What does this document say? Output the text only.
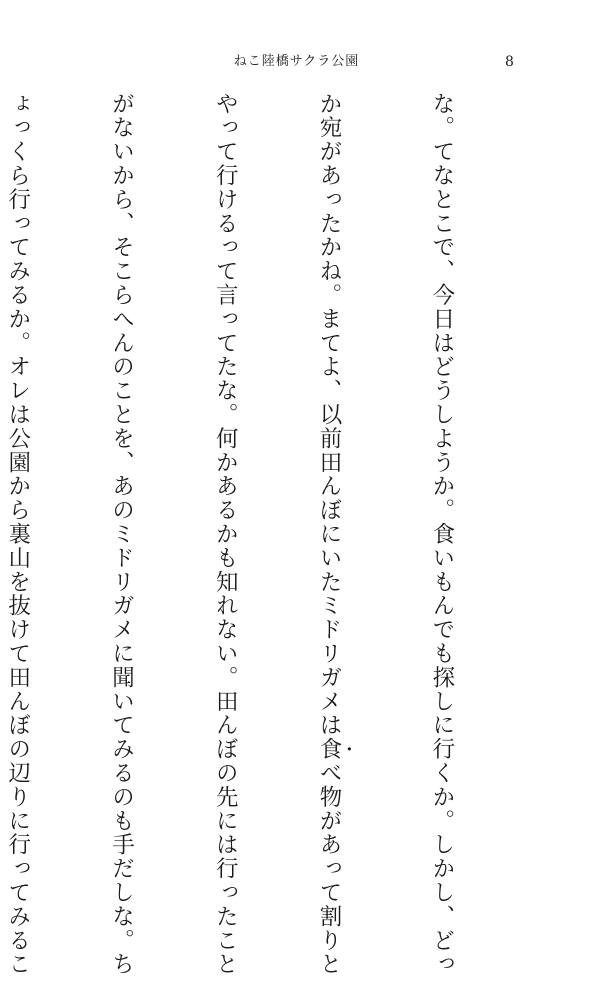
ねこ陸橋サクラ公園	8

な。てなとこで、今日はどうしようか。食いもんでも探しに行くか。しかし、どっ

か宛があったかね。まてよ、以前田んぼにいたミドリガメは食べ物があって割りと

やって行けるって言ってたな。何かあるかも知れない。田んぼの先には行ったこと

がないから、そこらへんのことを、あのミドリガメに聞いてみるのも手だしな。ち

ょっくら行ってみるか。オレは公園から裏山を抜けて田んぼの辺りに行ってみるこ
